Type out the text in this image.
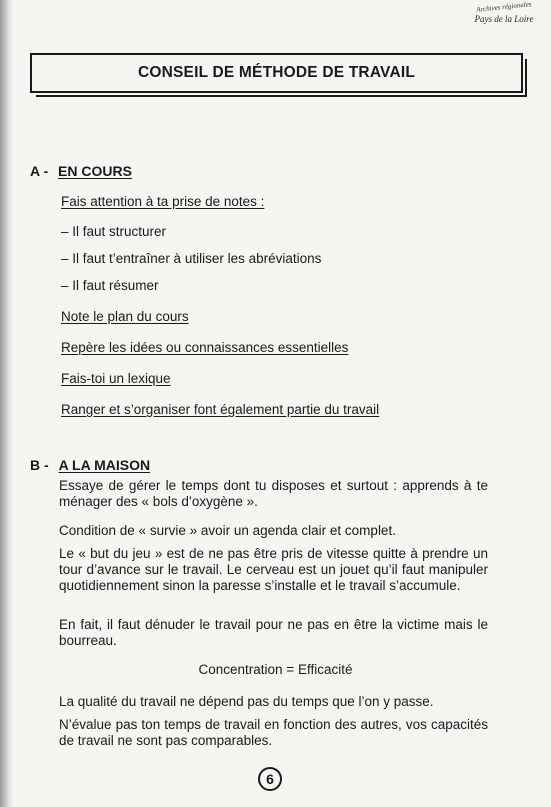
Archives régionales
Pays de la Loire
CONSEIL DE MÉTHODE DE TRAVAIL
A - EN COURS
Fais attention à ta prise de notes :
– Il faut structurer
– Il faut t’entraîner à utiliser les abréviations
– Il faut résumer
Note le plan du cours
Repère les idées ou connaissances essentielles
Fais-toi un lexique
Ranger et s’organiser font également partie du travail
B - A LA MAISON

Essaye de gérer le temps dont tu disposes et surtout : apprends à te ménager des « bols d’oxygène ».

Condition de « survie » avoir un agenda clair et complet.

Le « but du jeu » est de ne pas être pris de vitesse quitte à prendre un tour d’avance sur le travail. Le cerveau est un jouet qu’il faut manipuler quotidiennement sinon la paresse s’installe et le travail s’accumule.

En fait, il faut dénuder le travail pour ne pas en être la victime mais le bourreau.

Concentration = Efficacité

La qualité du travail ne dépend pas du temps que l’on y passe.

N’évalue pas ton temps de travail en fonction des autres, vos capacités de travail ne sont pas comparables.

6
